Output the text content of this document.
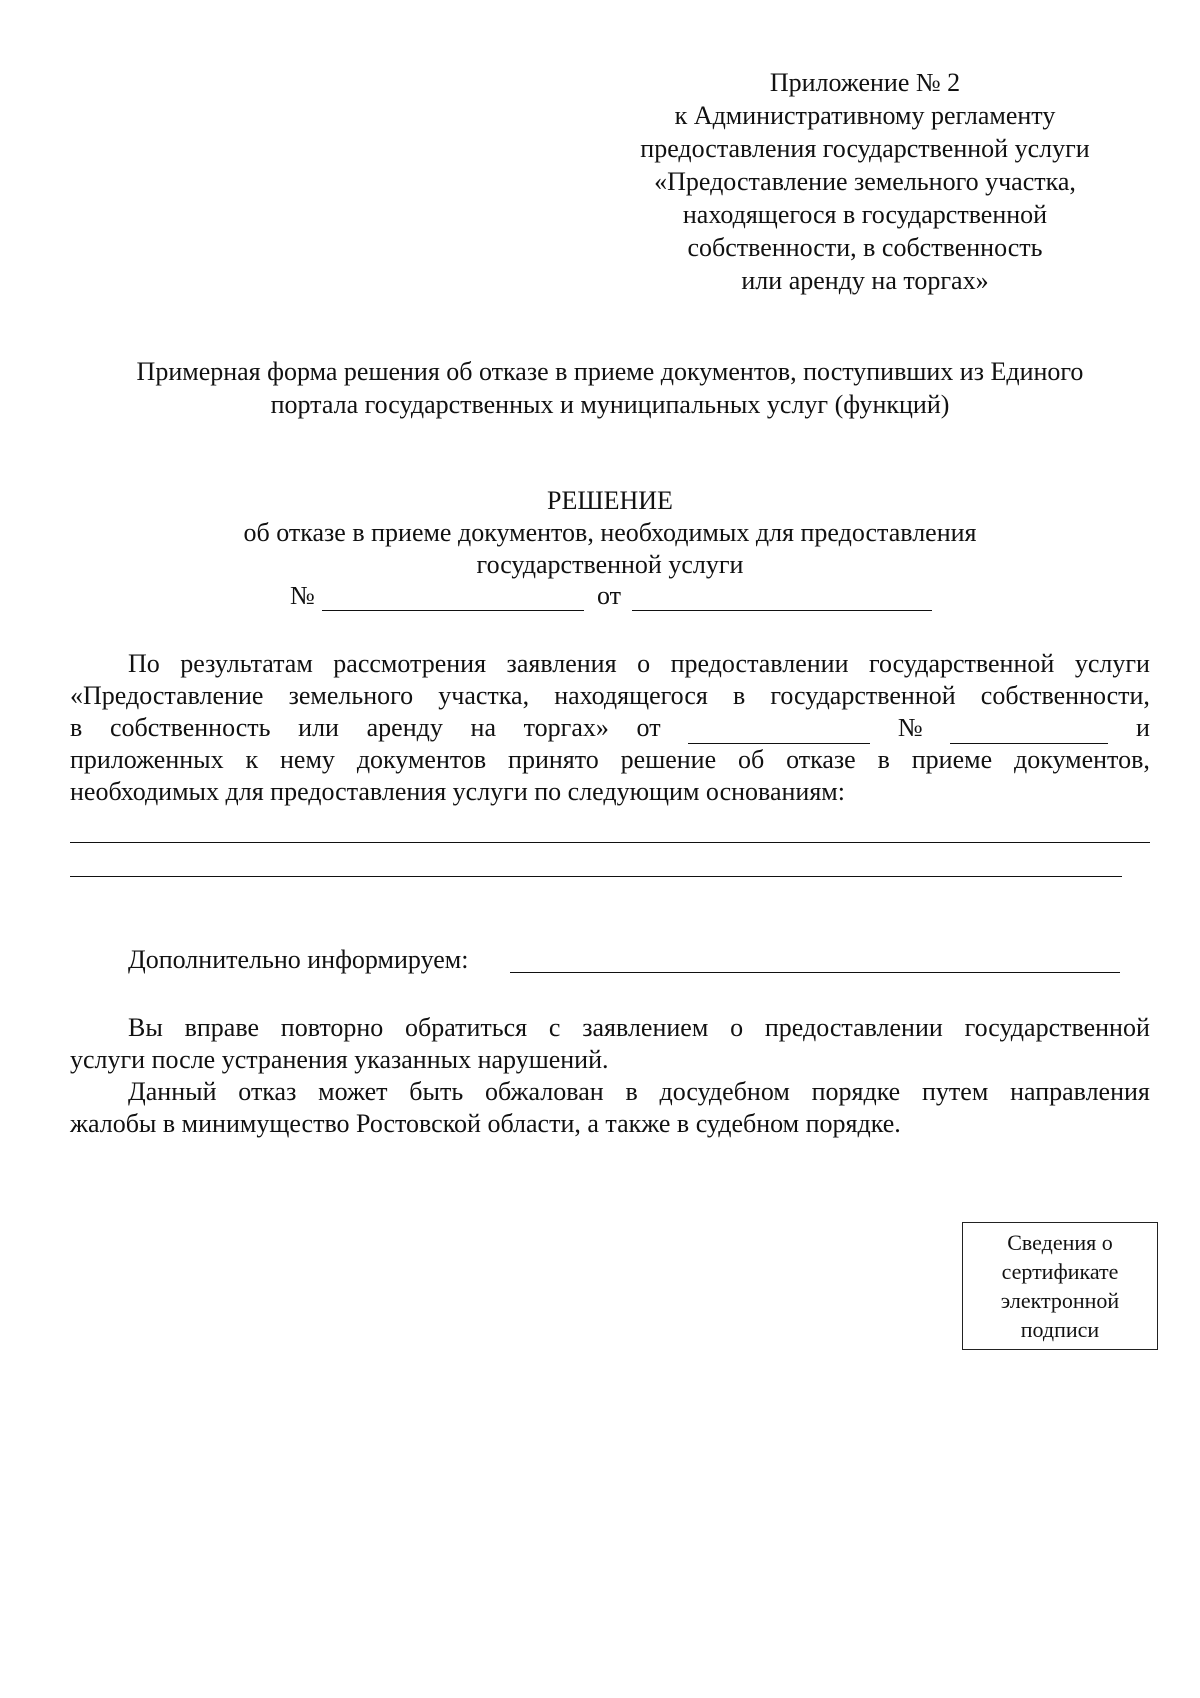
Приложение № 2
к Административному регламенту
предоставления государственной услуги
«Предоставление земельного участка,
находящегося в государственной
собственности, в собственность
или аренду на торгах»
Примерная форма решения об отказе в приеме документов, поступивших из Единого
портала государственных и муниципальных услуг (функций)
РЕШЕНИЕ
об отказе в приеме документов, необходимых для предоставления
государственной услуги
№	от
По результатам рассмотрения заявления о предоставлении государственной услуги
«Предоставление земельного участка, находящегося в государственной собственности,
в собственность или аренду на торгах» от	№	и
приложенных к нему документов принято решение об отказе в приеме документов,
необходимых для предоставления услуги по следующим основаниям:
Дополнительно информируем:
Вы вправе повторно обратиться с заявлением о предоставлении государственной
услуги после устранения указанных нарушений.
Данный отказ может быть обжалован в досудебном порядке путем направления
жалобы в минимущество Ростовской области, а также в судебном порядке.
Сведения о
сертификате
электронной
подписи
